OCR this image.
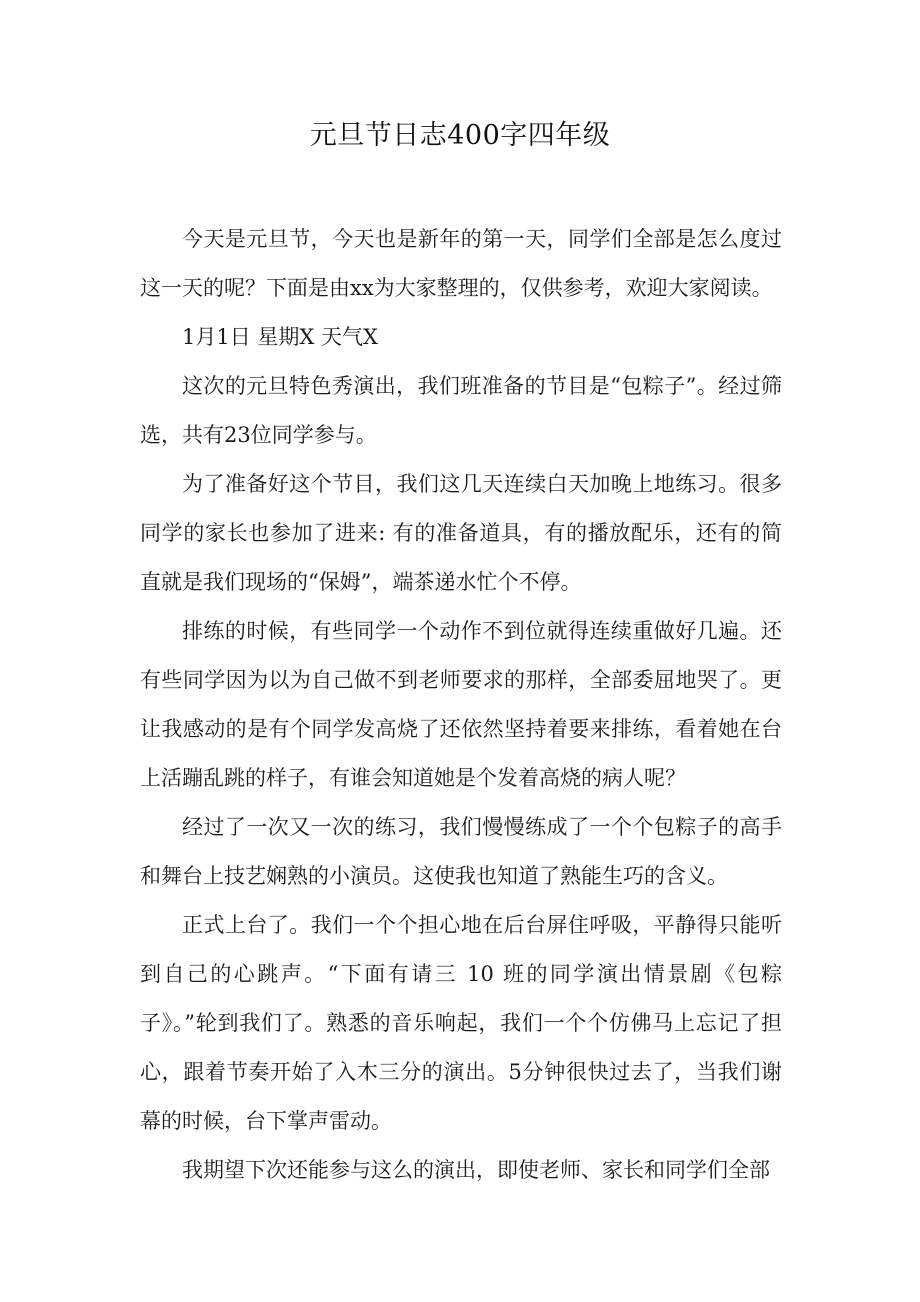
元旦节日志400字四年级

今天是元旦节，今天也是新年的第一天，同学们全部是怎么度过这一天的呢？下面是由xx为大家整理的，仅供参考，欢迎大家阅读。

1月1日 星期X 天气X

这次的元旦特色秀演出，我们班准备的节目是“包粽子”。经过筛选，共有23位同学参与。

为了准备好这个节目，我们这几天连续白天加晚上地练习。很多同学的家长也参加了进来: 有的准备道具，有的播放配乐，还有的简直就是我们现场的“保姆”，端茶递水忙个不停。

排练的时候，有些同学一个动作不到位就得连续重做好几遍。还有些同学因为以为自己做不到老师要求的那样，全部委屈地哭了。更让我感动的是有个同学发高烧了还依然坚持着要来排练，看着她在台上活蹦乱跳的样子，有谁会知道她是个发着高烧的病人呢？

经过了一次又一次的练习，我们慢慢练成了一个个包粽子的高手和舞台上技艺娴熟的小演员。这使我也知道了熟能生巧的含义。

正式上台了。我们一个个担心地在后台屏住呼吸，平静得只能听到自己的心跳声。“下面有请三 10 班的同学演出情景剧《包粽子》。”轮到我们了。熟悉的音乐响起，我们一个个仿佛马上忘记了担心，跟着节奏开始了入木三分的演出。5分钟很快过去了，当我们谢幕的时候，台下掌声雷动。

我期望下次还能参与这么的演出，即使老师、家长和同学们全部
